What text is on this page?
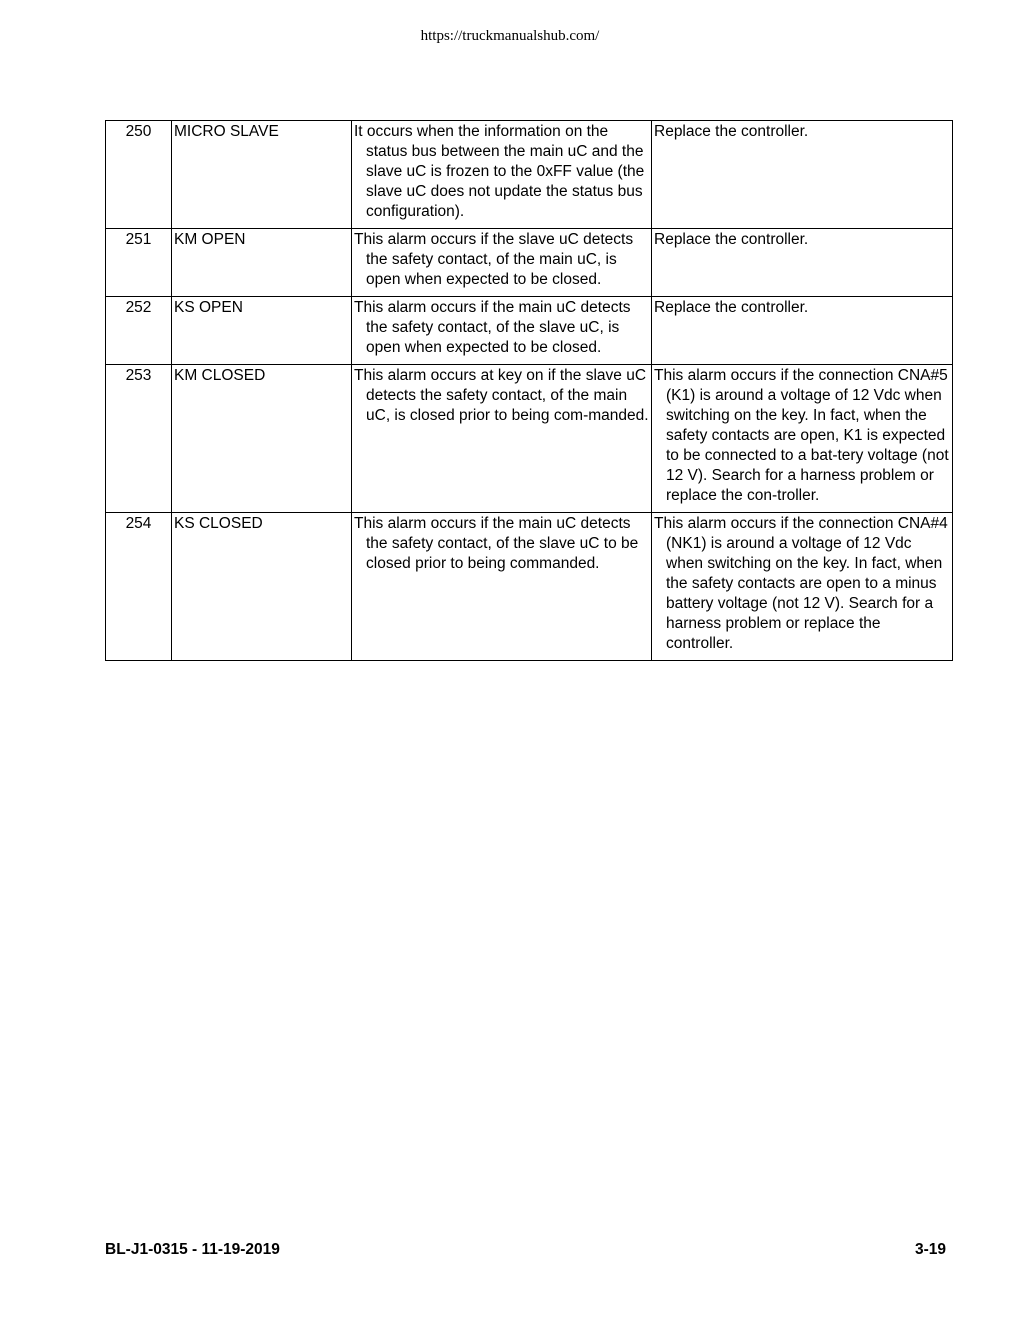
https://truckmanualshub.com/
250	MICRO SLAVE	It occurs when the information on the status bus between the main uC and the slave uC is frozen to the 0xFF value (the slave uC does not update the status bus configuration).	Replace the controller.
251	KM OPEN	This alarm occurs if the slave uC detects the safety contact, of the main uC, is open when expected to be closed.	Replace the controller.
252	KS OPEN	This alarm occurs if the main uC detects the safety contact, of the slave uC, is open when expected to be closed.	Replace the controller.
253	KM CLOSED	This alarm occurs at key on if the slave uC detects the safety contact, of the main uC, is closed prior to being com-manded.	This alarm occurs if the connection CNA#5 (K1) is around a voltage of 12 Vdc when switching on the key. In fact, when the safety contacts are open, K1 is expected to be connected to a bat-tery voltage (not 12 V). Search for a harness problem or replace the con-troller.
254	KS CLOSED	This alarm occurs if the main uC detects the safety contact, of the slave uC to be closed prior to being commanded.	This alarm occurs if the connection CNA#4 (NK1) is around a voltage of 12 Vdc when switching on the key. In fact, when the safety contacts are open to a minus battery voltage (not 12 V). Search for a harness problem or replace the controller.
BL-J1-0315 - 11-19-2019	3-19
